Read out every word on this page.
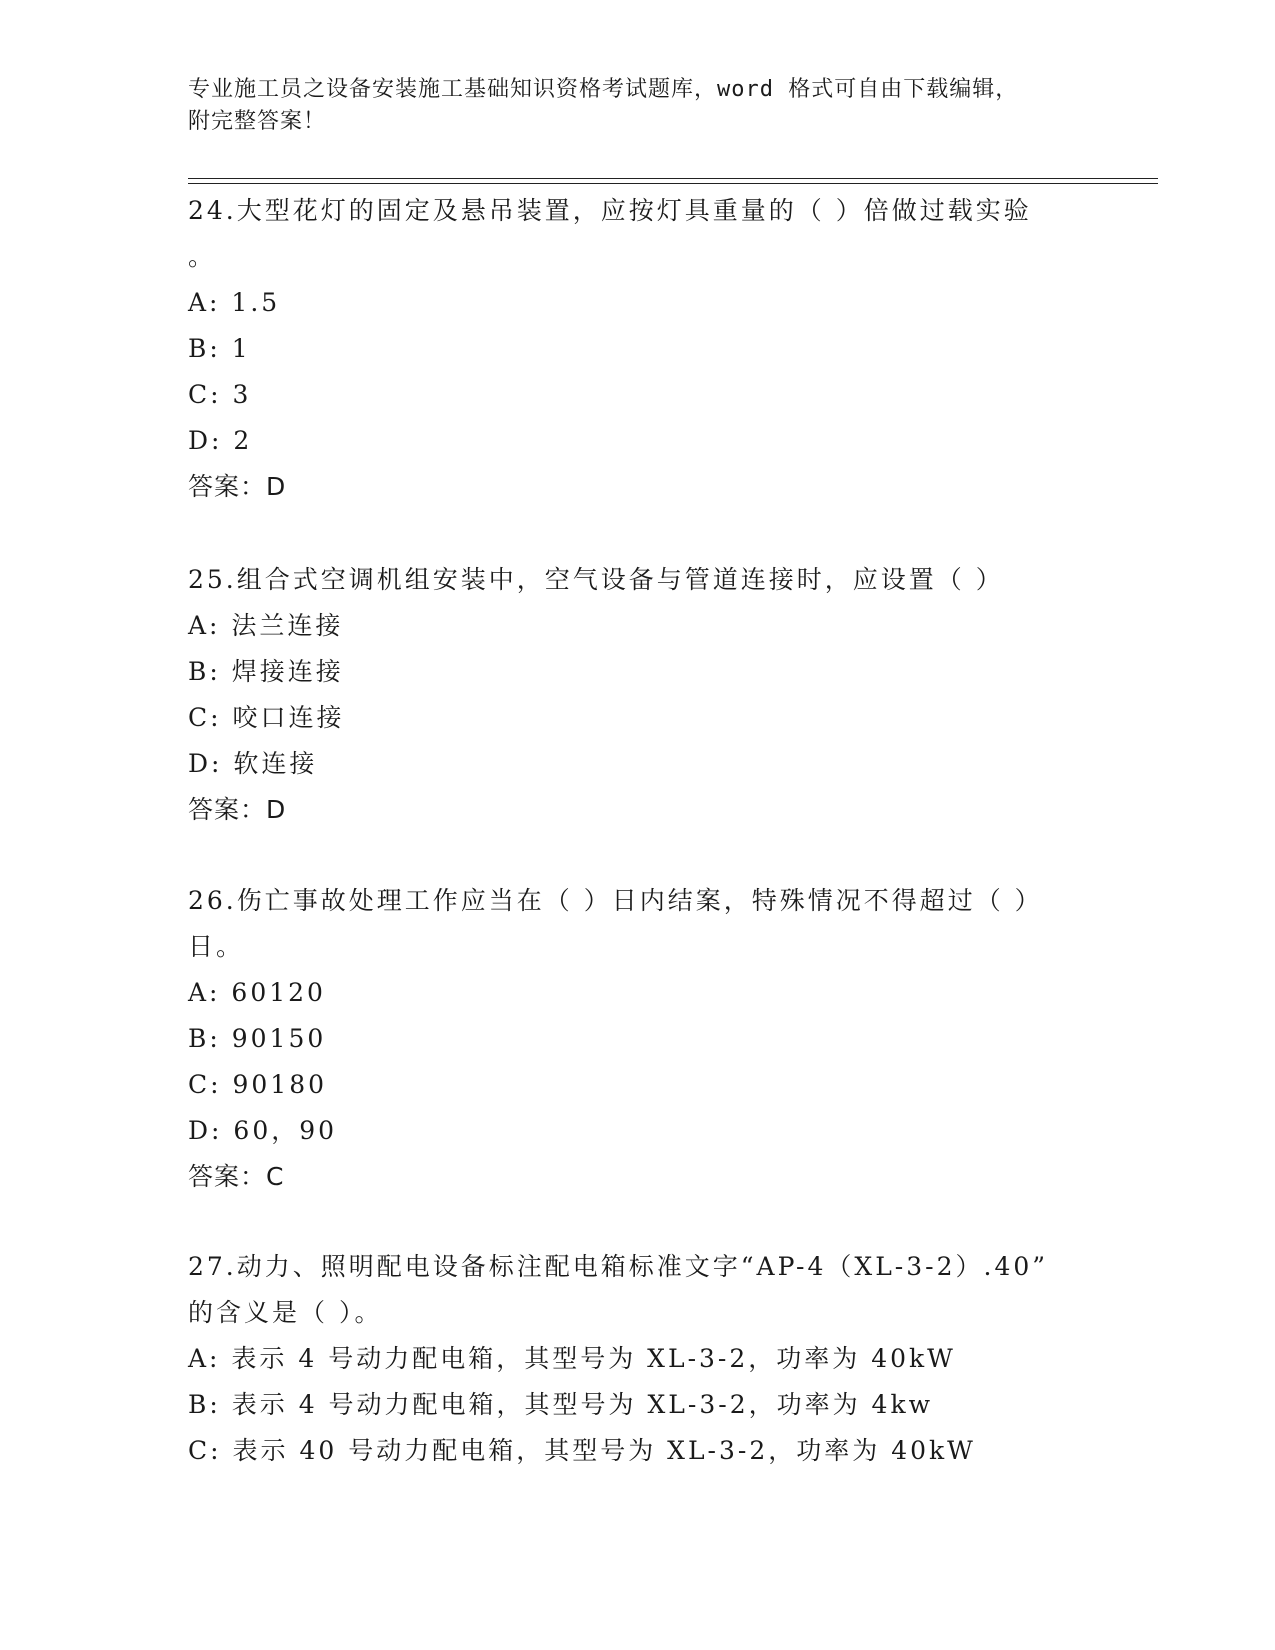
专业施工员之设备安装施工基础知识资格考试题库，word 格式可自由下载编辑，
附完整答案！
24.大型花灯的固定及悬吊装置，应按灯具重量的（ ）倍做过载实验
。
A: 1.5
B: 1
C: 3
D: 2
答案：D
25.组合式空调机组安装中，空气设备与管道连接时，应设置（ ）
A: 法兰连接
B: 焊接连接
C: 咬口连接
D: 软连接
答案：D
26.伤亡事故处理工作应当在（ ）日内结案，特殊情况不得超过（ ）
日。
A: 60120
B: 90150
C: 90180
D: 60，90
答案：C
27.动力、照明配电设备标注配电箱标准文字“AP-4（XL-3-2）.40”
的含义是（ ）。
A: 表示 4 号动力配电箱，其型号为 XL-3-2，功率为 40kW
B: 表示 4 号动力配电箱，其型号为 XL-3-2，功率为 4kw
C: 表示 40 号动力配电箱，其型号为 XL-3-2，功率为 40kW
